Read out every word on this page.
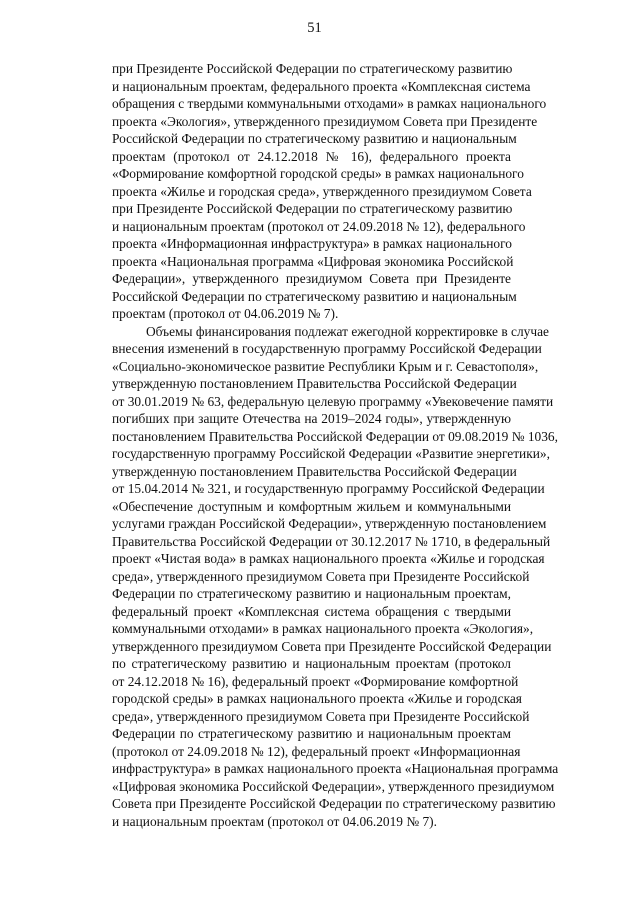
51
при Президенте Российской Федерации по стратегическому развитию
и национальным проектам, федерального проекта «Комплексная система
обращения с твердыми коммунальными отходами» в рамках национального
проекта «Экология», утвержденного президиумом Совета при Президенте
Российской Федерации по стратегическому развитию и национальным
проектам (протокол от 24.12.2018 № 16), федерального проекта
«Формирование комфортной городской среды» в рамках национального
проекта «Жилье и городская среда», утвержденного президиумом Совета
при Президенте Российской Федерации по стратегическому развитию
и национальным проектам (протокол от 24.09.2018 № 12), федерального
проекта «Информационная инфраструктура» в рамках национального
проекта «Национальная программа «Цифровая экономика Российской
Федерации», утвержденного президиумом Совета при Президенте
Российской Федерации по стратегическому развитию и национальным
проектам (протокол от 04.06.2019 № 7).
Объемы финансирования подлежат ежегодной корректировке в случае
внесения изменений в государственную программу Российской Федерации
«Социально-экономическое развитие Республики Крым и г. Севастополя»,
утвержденную постановлением Правительства Российской Федерации
от 30.01.2019 № 63, федеральную целевую программу «Увековечение памяти
погибших при защите Отечества на 2019–2024 годы», утвержденную
постановлением Правительства Российской Федерации от 09.08.2019 № 1036,
государственную программу Российской Федерации «Развитие энергетики»,
утвержденную постановлением Правительства Российской Федерации
от 15.04.2014 № 321, и государственную программу Российской Федерации
«Обеспечение доступным и комфортным жильем и коммунальными
услугами граждан Российской Федерации», утвержденную постановлением
Правительства Российской Федерации от 30.12.2017 № 1710, в федеральный
проект «Чистая вода» в рамках национального проекта «Жилье и городская
среда», утвержденного президиумом Совета при Президенте Российской
Федерации по стратегическому развитию и национальным проектам,
федеральный проект «Комплексная система обращения с твердыми
коммунальными отходами» в рамках национального проекта «Экология»,
утвержденного президиумом Совета при Президенте Российской Федерации
по стратегическому развитию и национальным проектам (протокол
от 24.12.2018 № 16), федеральный проект «Формирование комфортной
городской среды» в рамках национального проекта «Жилье и городская
среда», утвержденного президиумом Совета при Президенте Российской
Федерации по стратегическому развитию и национальным проектам
(протокол от 24.09.2018 № 12), федеральный проект «Информационная
инфраструктура» в рамках национального проекта «Национальная программа
«Цифровая экономика Российской Федерации», утвержденного президиумом
Совета при Президенте Российской Федерации по стратегическому развитию
и национальным проектам (протокол от 04.06.2019 № 7).
